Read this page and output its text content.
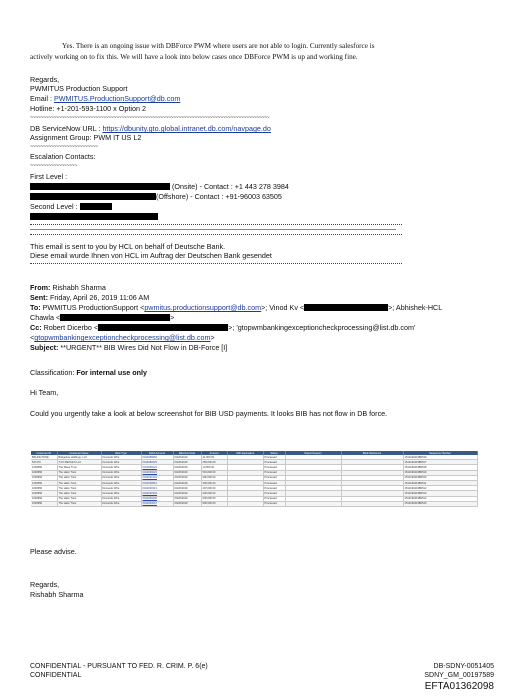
Yes. There is an ongoing issue with DBForce PWM where users are not able to login. Currently salesforce is
actively working on to fix this. We will have a look into below cases once DBForce PWM is up and working fine.
Regards,
PWMITUS Production Support
Email : PWMITUS.ProductionSupport@db.com
Hotline: +1-201-593-1100 x Option 2
~~~~~~~~~~~~~~~~~~~~~~~~~~~~~~~~~~~~~~~~~~~~~~~~~~~~~~~~~~~~~~~~~~~~~~~~~~~~~~~~~~~~~~~~~~~~
DB ServiceNow URL : https://dbunity.gto.global.intranet.db.com/navpage.do
Assignment Group: PWM IT US L2
~~~~~~~~~~~~~~~~~~~~~~~~~~
Escalation Contacts:
~~~~~~~~~~~~~~~~~~
First Level :
(Onsite) - Contact : +1 443 278 3984
(Offshore) - Contact : +91-96003 63505
Second Level :
This email is sent to you by HCL on behalf of Deutsche Bank.
Diese email wurde Ihnen von HCL im Auftrag der Deutschen Bank gesendet
From: Rishabh Sharma
Sent: Friday, April 26, 2019 11:06 AM
To: PWMITUS ProductionSupport <pwmitus.productionsupport@db.com>; Vinod Kv <	>; Abhishek-HCL
Chawla <	>
Cc: Robert Dicerbo <	>; 'gtopwmbankingexceptioncheckprocessing@list.db.com'
<gtopwmbankingexceptioncheckprocessing@list.db.com>
Subject: **URGENT** BIB Wires Did Not Flow in DB-Force [I]
Classification: For internal use only
Hi Team,
Could you urgently take a look at below screenshot for BIB USD payments. It looks BIB has not flow in DB force.
Customer ID	Customer Name	Wire Type	Debit Account	Effective Date	Amount	USD Equivalent	Status	Reject Reason	Bank Reference	Sequence Number
BKLINGTONE	Bridgeline Holdings, LLC	Domestic Wire	0042058082	04/26/2019	41,000.00		Processed			1512190419B0516
527470	T.CO RETAILS LLC	Domestic Wire	0042082629	04/26/2019	250,000.00		Processed			1512190419B0517
1000950	The Wave Trust	Domestic Wire	0042059224	04/26/2019	13,500.00		Processed			1512190419B0518
1030950	The Haze Trust	Domestic Wire	0042039024	04/26/2019	501,000.00		Processed			1512190419B0519
1030950	The Haze Trust	Domestic Wire	0042030104	04/26/2019	300,000.00		Processed			1512190419B0510
1030950	The Haze Trust	Domestic Wire	0042038561	04/26/2019	300,000.00		Processed			1512190419B0511
1030950	The Haze Trust	Domestic Wire	0042030313	04/26/2019	197,000.00		Processed			1512190419B0512
1030950	The Haze Trust	Domestic Wire	0042030304	04/26/2019	200,000.00		Processed			1512190419B0513
1030950	The Haze Trust	Domestic Wire	0042050306	04/26/2019	200,000.00		Processed			1512190419B0514
1030950	The Haze Trust	Domestic Wire	0042053067	04/26/2019	500,000.00		Processed			1512190419B0515
Please advise.
Regards,
Rishabh Sharma
CONFIDENTIAL - PURSUANT TO FED. R. CRIM. P. 6(e)
CONFIDENTIAL
DB-SDNY-0051405
SDNY_GM_00197589
EFTA01362098
